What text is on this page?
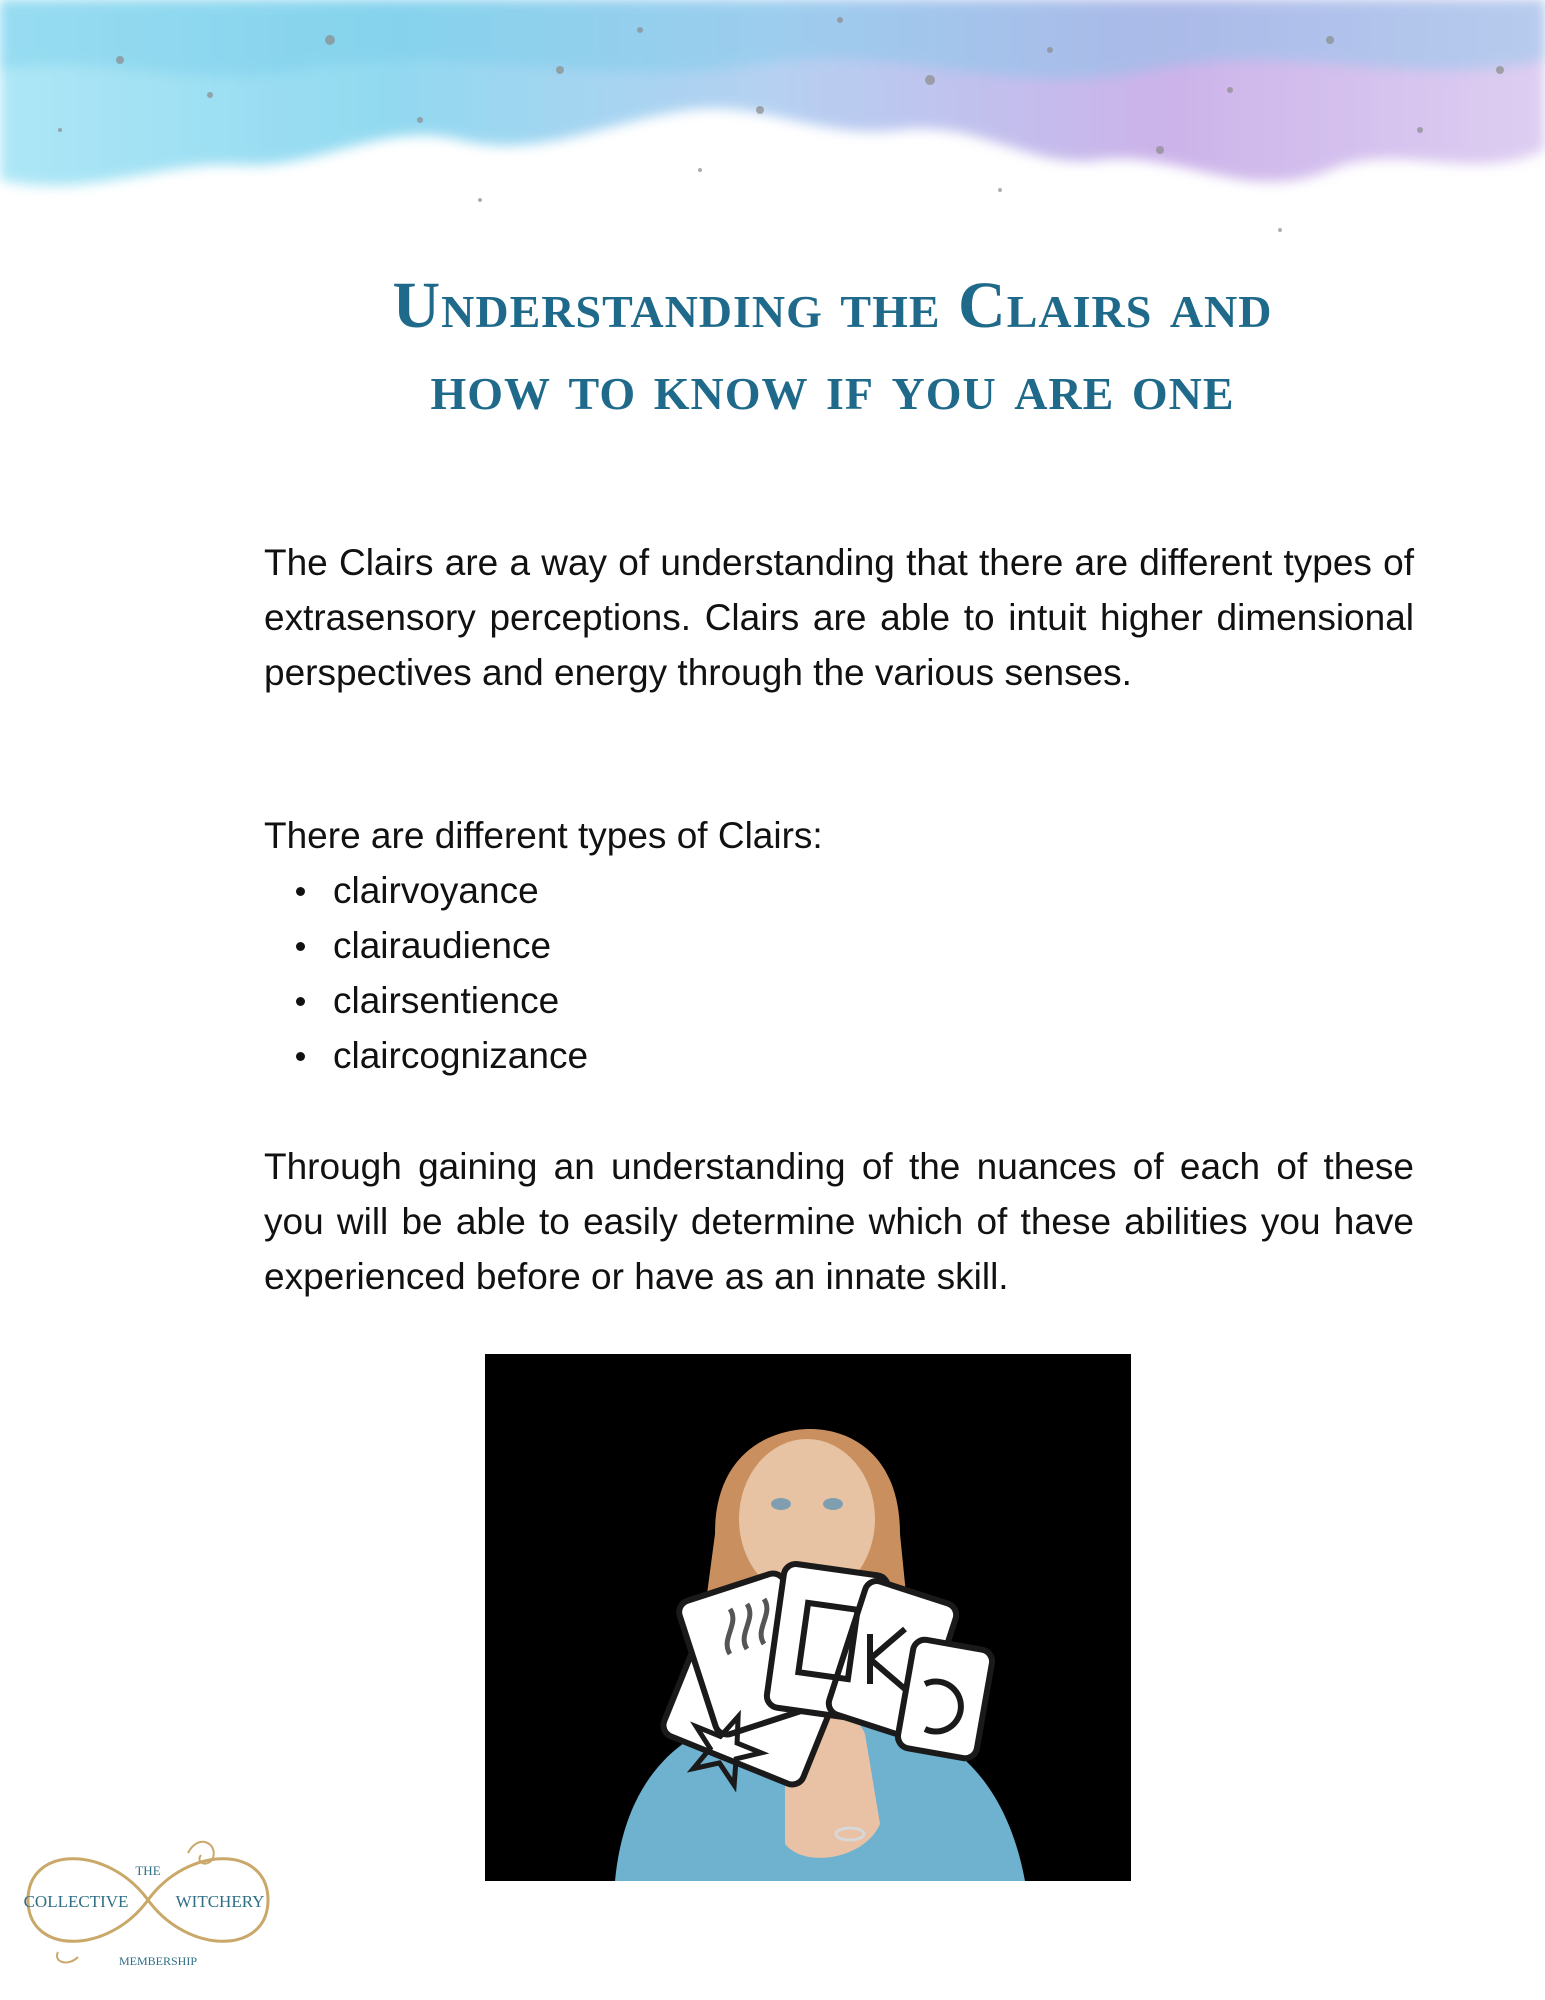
Understanding the Clairs and
how to know if you are one

The Clairs are a way of understanding that there are different types of extrasensory perceptions. Clairs are able to intuit higher dimensional perspectives and energy through the various senses.

There are different types of Clairs:

clairvoyance
clairaudience
clairsentience
claircognizance

Through gaining an understanding of the nuances of each of these you will be able to easily determine which of these abilities you have experienced before or have as an innate skill.

THE
COLLECTIVE	WITCHERY
MEMBERSHIP
